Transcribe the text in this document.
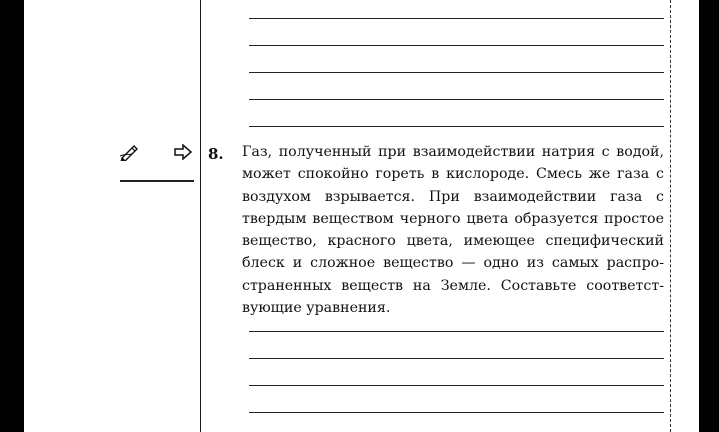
8. Газ, полученный при взаимодействии натрия с водой,
может спокойно гореть в кислороде. Смесь же газа с
воздухом взрывается. При взаимодействии газа с
твердым веществом черного цвета образуется простое
вещество, красного цвета, имеющее специфический
блеск и сложное вещество — одно из самых распро-
страненных веществ на Земле. Составьте соответст-
вующие уравнения.
